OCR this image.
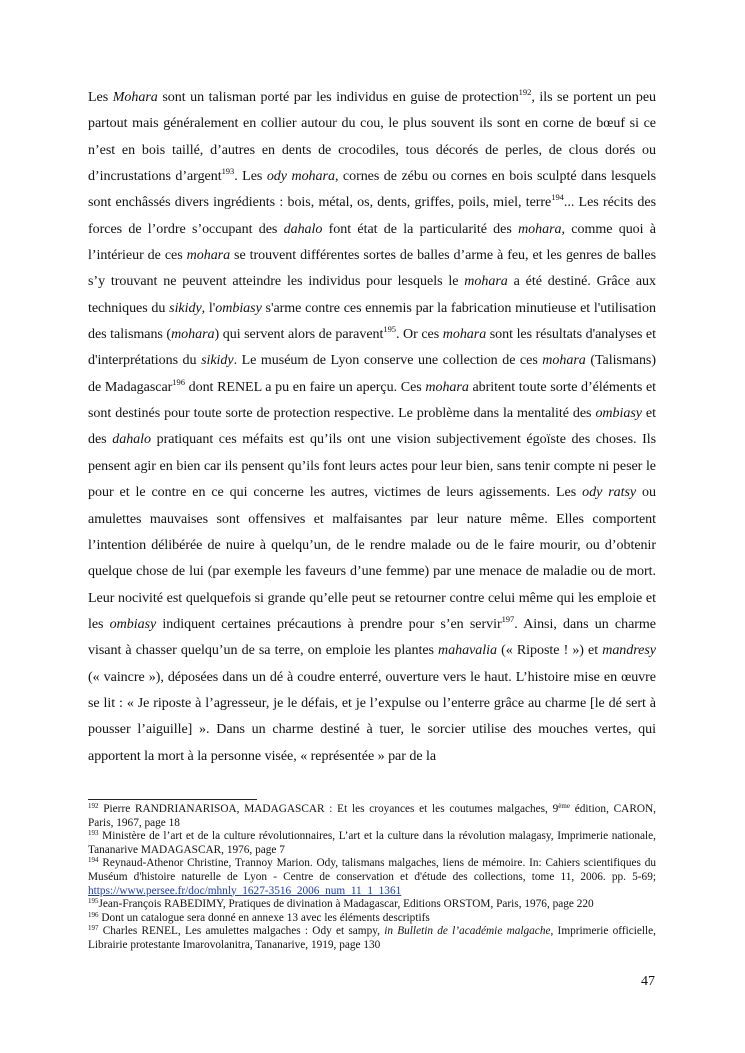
Les Mohara sont un talisman porté par les individus en guise de protection$^{192}$, ils se portent un peu partout mais généralement en collier autour du cou, le plus souvent ils sont en corne de bœuf si ce n’est en bois taillé, d’autres en dents de crocodiles, tous décorés de perles, de clous dorés ou d’incrustations d’argent$^{193}$. Les ody mohara, cornes de zébu ou cornes en bois sculpté dans lesquels sont enchâssés divers ingrédients : bois, métal, os, dents, griffes, poils, miel, terre$^{194}$... Les récits des forces de l’ordre s’occupant des dahalo font état de la particularité des mohara, comme quoi à l’intérieur de ces mohara se trouvent différentes sortes de balles d’arme à feu, et les genres de balles s’y trouvant ne peuvent atteindre les individus pour lesquels le mohara a été destiné. Grâce aux techniques du sikidy, l'ombiasy s'arme contre ces ennemis par la fabrication minutieuse et l'utilisation des talismans (mohara) qui servent alors de paravent$^{195}$. Or ces mohara sont les résultats d'analyses et d'interprétations du sikidy. Le muséum de Lyon conserve une collection de ces mohara (Talismans) de Madagascar$^{196}$ dont RENEL a pu en faire un aperçu. Ces mohara abritent toute sorte d’éléments et sont destinés pour toute sorte de protection respective. Le problème dans la mentalité des ombiasy et des dahalo pratiquant ces méfaits est qu’ils ont une vision subjectivement égoïste des choses. Ils pensent agir en bien car ils pensent qu’ils font leurs actes pour leur bien, sans tenir compte ni peser le pour et le contre en ce qui concerne les autres, victimes de leurs agissements. Les ody ratsy ou amulettes mauvaises sont offensives et malfaisantes par leur nature même. Elles comportent l’intention délibérée de nuire à quelqu’un, de le rendre malade ou de le faire mourir, ou d’obtenir quelque chose de lui (par exemple les faveurs d’une femme) par une menace de maladie ou de mort. Leur nocivité est quelquefois si grande qu’elle peut se retourner contre celui même qui les emploie et les ombiasy indiquent certaines précautions à prendre pour s’en servir$^{197}$. Ainsi, dans un charme visant à chasser quelqu’un de sa terre, on emploie les plantes mahavalia (« Riposte ! ») et mandresy (« vaincre »), déposées dans un dé à coudre enterré, ouverture vers le haut. L’histoire mise en œuvre se lit : « Je riposte à l’agresseur, je le défais, et je l’expulse ou l’enterre grâce au charme [le dé sert à pousser l’aiguille] ». Dans un charme destiné à tuer, le sorcier utilise des mouches vertes, qui apportent la mort à la personne visée, « représentée » par de la

$^{192}$ Pierre RANDRIANARISOA, MADAGASCAR : Et les croyances et les coutumes malgaches, 9ème édition, CARON, Paris, 1967, page 18

$^{193}$ Ministère de l’art et de la culture révolutionnaires, L’art et la culture dans la révolution malagasy, Imprimerie nationale, Tananarive MADAGASCAR, 1976, page 7

$^{194}$ Reynaud-Athenor Christine, Trannoy Marion. Ody, talismans malgaches, liens de mémoire. In: Cahiers scientifiques du Muséum d'histoire naturelle de Lyon - Centre de conservation et d'étude des collections, tome 11, 2006. pp. 5-69; https://www.persee.fr/doc/mhnly_1627-3516_2006_num_11_1_1361

$^{195}$Jean-François RABEDIMY, Pratiques de divination à Madagascar, Editions ORSTOM, Paris, 1976, page 220

$^{196}$ Dont un catalogue sera donné en annexe 13 avec les éléments descriptifs

$^{197}$ Charles RENEL, Les amulettes malgaches : Ody et sampy, in Bulletin de l’académie malgache, Imprimerie officielle, Librairie protestante Imarovolanitra, Tananarive, 1919, page 130

47
